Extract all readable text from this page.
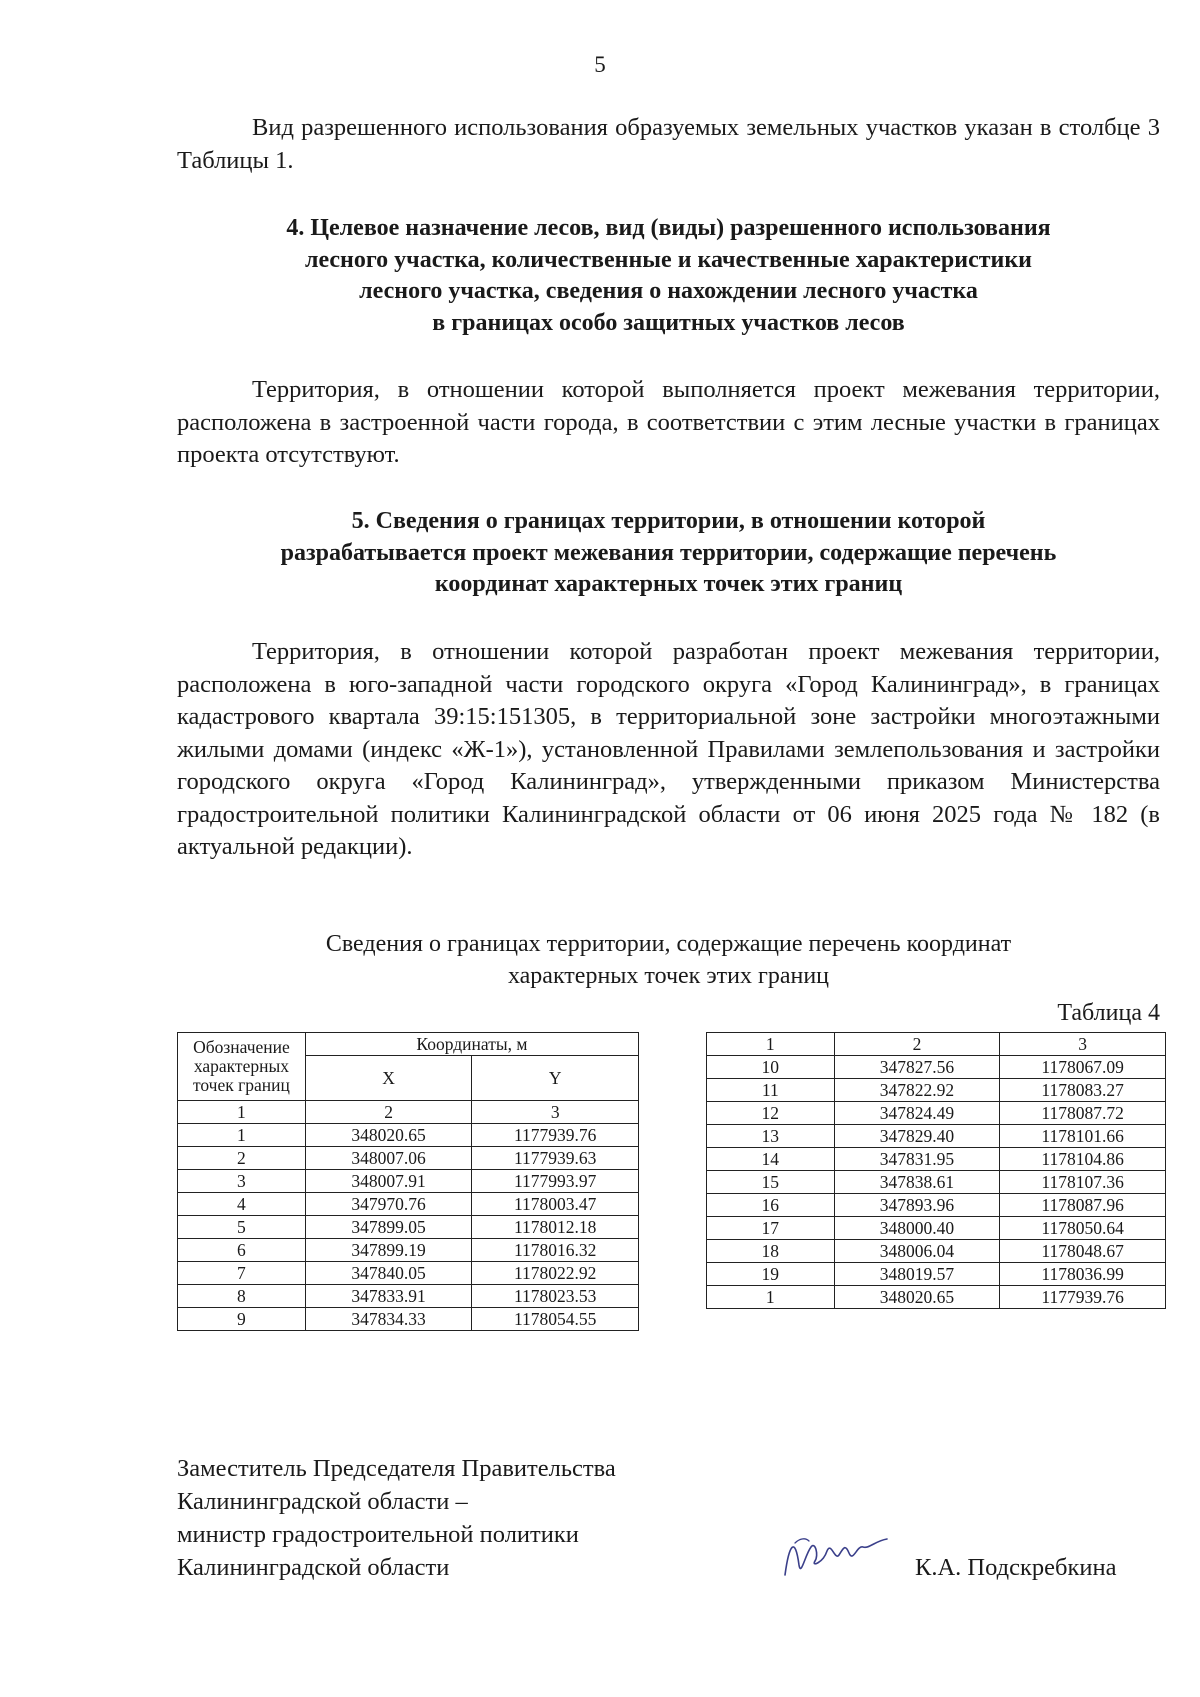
5

Вид разрешенного использования образуемых земельных участков указан в столбце 3 Таблицы 1.

4. Целевое назначение лесов, вид (виды) разрешенного использования
лесного участка, количественные и качественные характеристики
лесного участка, сведения о нахождении лесного участка
в границах особо защитных участков лесов

Территория, в отношении которой выполняется проект межевания территории, расположена в застроенной части города, в соответствии с этим лесные участки в границах проекта отсутствуют.

5. Сведения о границах территории, в отношении которой
разрабатывается проект межевания территории, содержащие перечень
координат характерных точек этих границ

Территория, в отношении которой разработан проект межевания территории, расположена в юго-западной части городского округа «Город Калининград», в границах кадастрового квартала 39:15:151305, в территориальной зоне застройки многоэтажными жилыми домами (индекс «Ж-1»), установленной Правилами землепользования и застройки городского округа «Город Калининград», утвержденными приказом Министерства градостроительной политики Калининградской области от 06 июня 2025 года № 182 (в актуальной редакции).

Сведения о границах территории, содержащие перечень координат
характерных точек этих границ
Таблица 4
Обозначение характерных точек границ	Координаты, м	
	X	Y
1	2	3
1	348020.65	1177939.76
2	348007.06	1177939.63
3	348007.91	1177993.97
4	347970.76	1178003.47
5	347899.05	1178012.18
6	347899.19	1178016.32
7	347840.05	1178022.92
8	347833.91	1178023.53
9	347834.33	1178054.55
1	2	3
10	347827.56	1178067.09
11	347822.92	1178083.27
12	347824.49	1178087.72
13	347829.40	1178101.66
14	347831.95	1178104.86
15	347838.61	1178107.36
16	347893.96	1178087.96
17	348000.40	1178050.64
18	348006.04	1178048.67
19	348019.57	1178036.99
1	348020.65	1177939.76
Заместитель Председателя Правительства
Калининградской области –
министр градостроительной политики
Калининградской области	К.А. Подскребкина
